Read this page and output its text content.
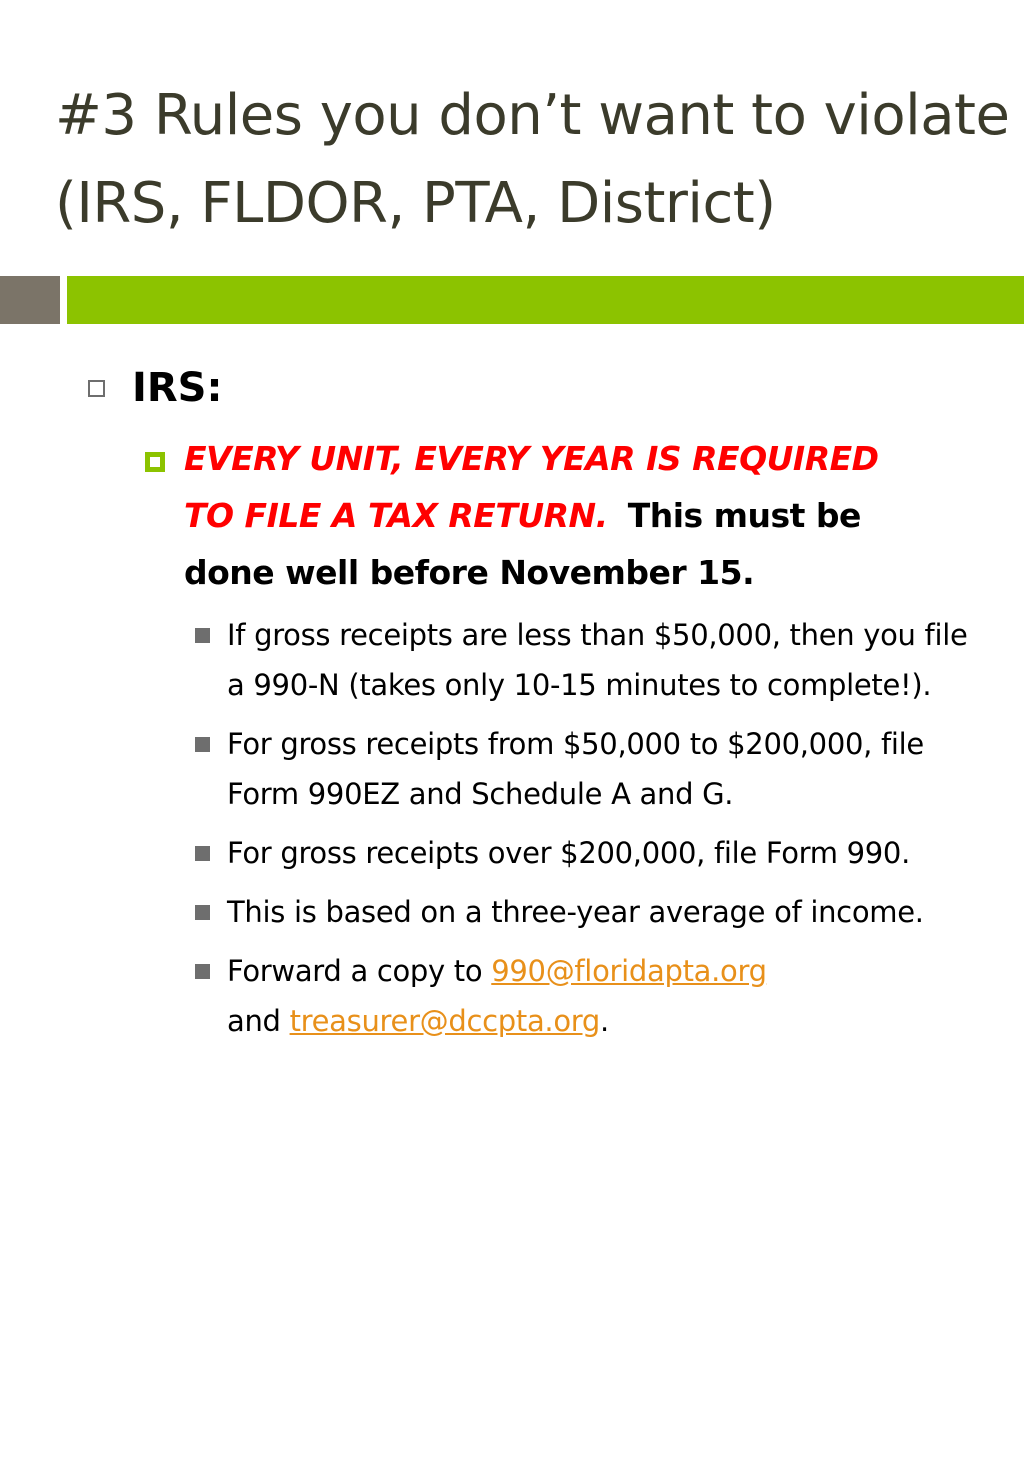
#3 Rules you don’t want to violate (IRS, FLDOR, PTA, District)
IRS:

EVERY UNIT, EVERY YEAR IS REQUIRED TO FILE A TAX RETURN. This must be done well before November 15.

If gross receipts are less than $50,000, then you file a 990-N (takes only 10-15 minutes to complete!).
For gross receipts from $50,000 to $200,000, file Form 990EZ and Schedule A and G.
For gross receipts over $200,000, file Form 990.
This is based on a three-year average of income.
Forward a copy to 990@floridapta.org
and treasurer@dccpta.org.
